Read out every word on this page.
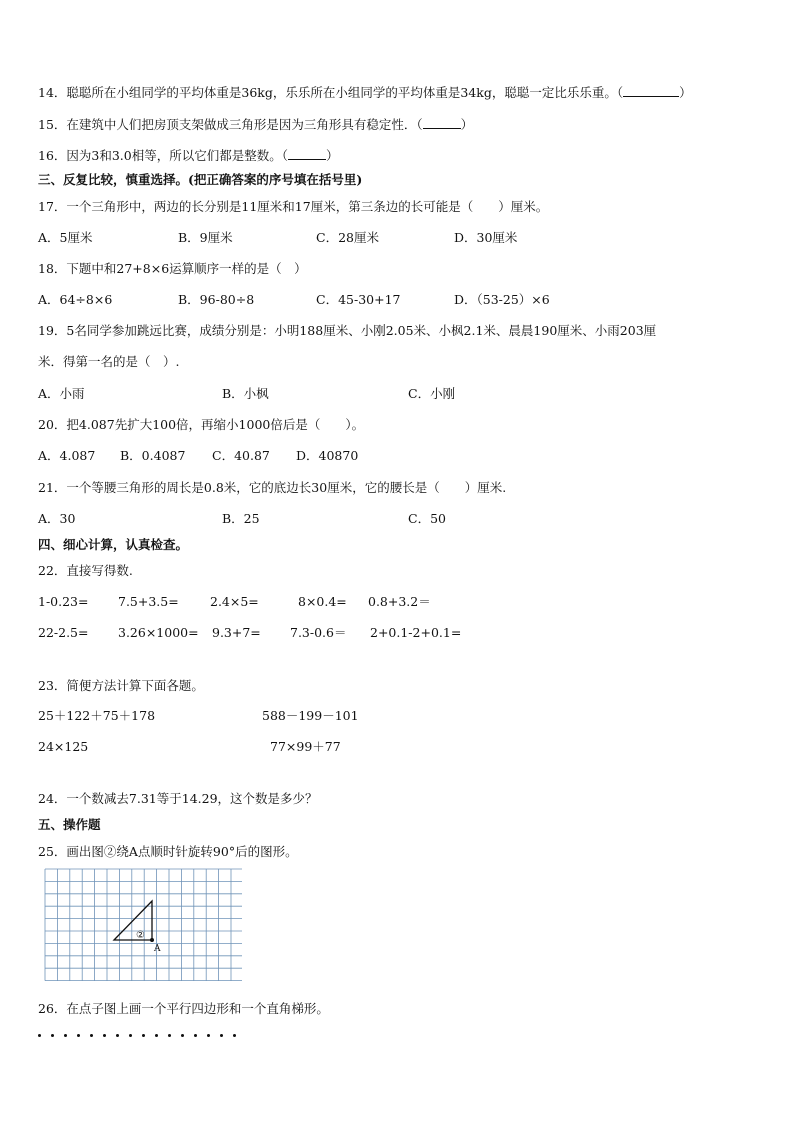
14．聪聪所在小组同学的平均体重是36kg，乐乐所在小组同学的平均体重是34kg，聪聪一定比乐乐重。（	）
15．在建筑中人们把房顶支架做成三角形是因为三角形具有稳定性．（	）
16．因为3和3.0相等，所以它们都是整数。（	）
三、反复比较，慎重选择。(把正确答案的序号填在括号里)
17．一个三角形中，两边的长分别是11厘米和17厘米，第三条边的长可能是（　　）厘米。
A．5厘米	B．9厘米	C．28厘米	D．30厘米
18．下题中和27+8×6运算顺序一样的是（　）
A．64÷8×6	B．96-80÷8	C．45-30+17	D．（53-25）×6
19．5名同学参加跳远比赛，成绩分别是：小明188厘米、小刚2.05米、小枫2.1米、晨晨190厘米、小雨203厘
米．得第一名的是（　）.
A．小雨	B．小枫	C．小刚
20．把4.087先扩大100倍，再缩小1000倍后是（　　）。
A．4.087 B．0.4087 C．40.87 D．40870
21．一个等腰三角形的周长是0.8米，它的底边长30厘米，它的腰长是（　　）厘米.
A．30	B．25	C．50
四、细心计算，认真检查。
22．直接写得数.
1-0.23= 7.5+3.5=	2.4×5=	8×0.4= 0.8+3.2＝
22-2.5= 3.26×1000= 9.3+7= 7.3-0.6＝ 2+0.1-2+0.1=
23．简便方法计算下面各题。
25＋122＋75＋178	588－199－101
24×125	77×99＋77
24．一个数减去7.31等于14.29，这个数是多少？
五、操作题
25．画出图②绕A点顺时针旋转90°后的图形。
②
A
26．在点子图上画一个平行四边形和一个直角梯形。
